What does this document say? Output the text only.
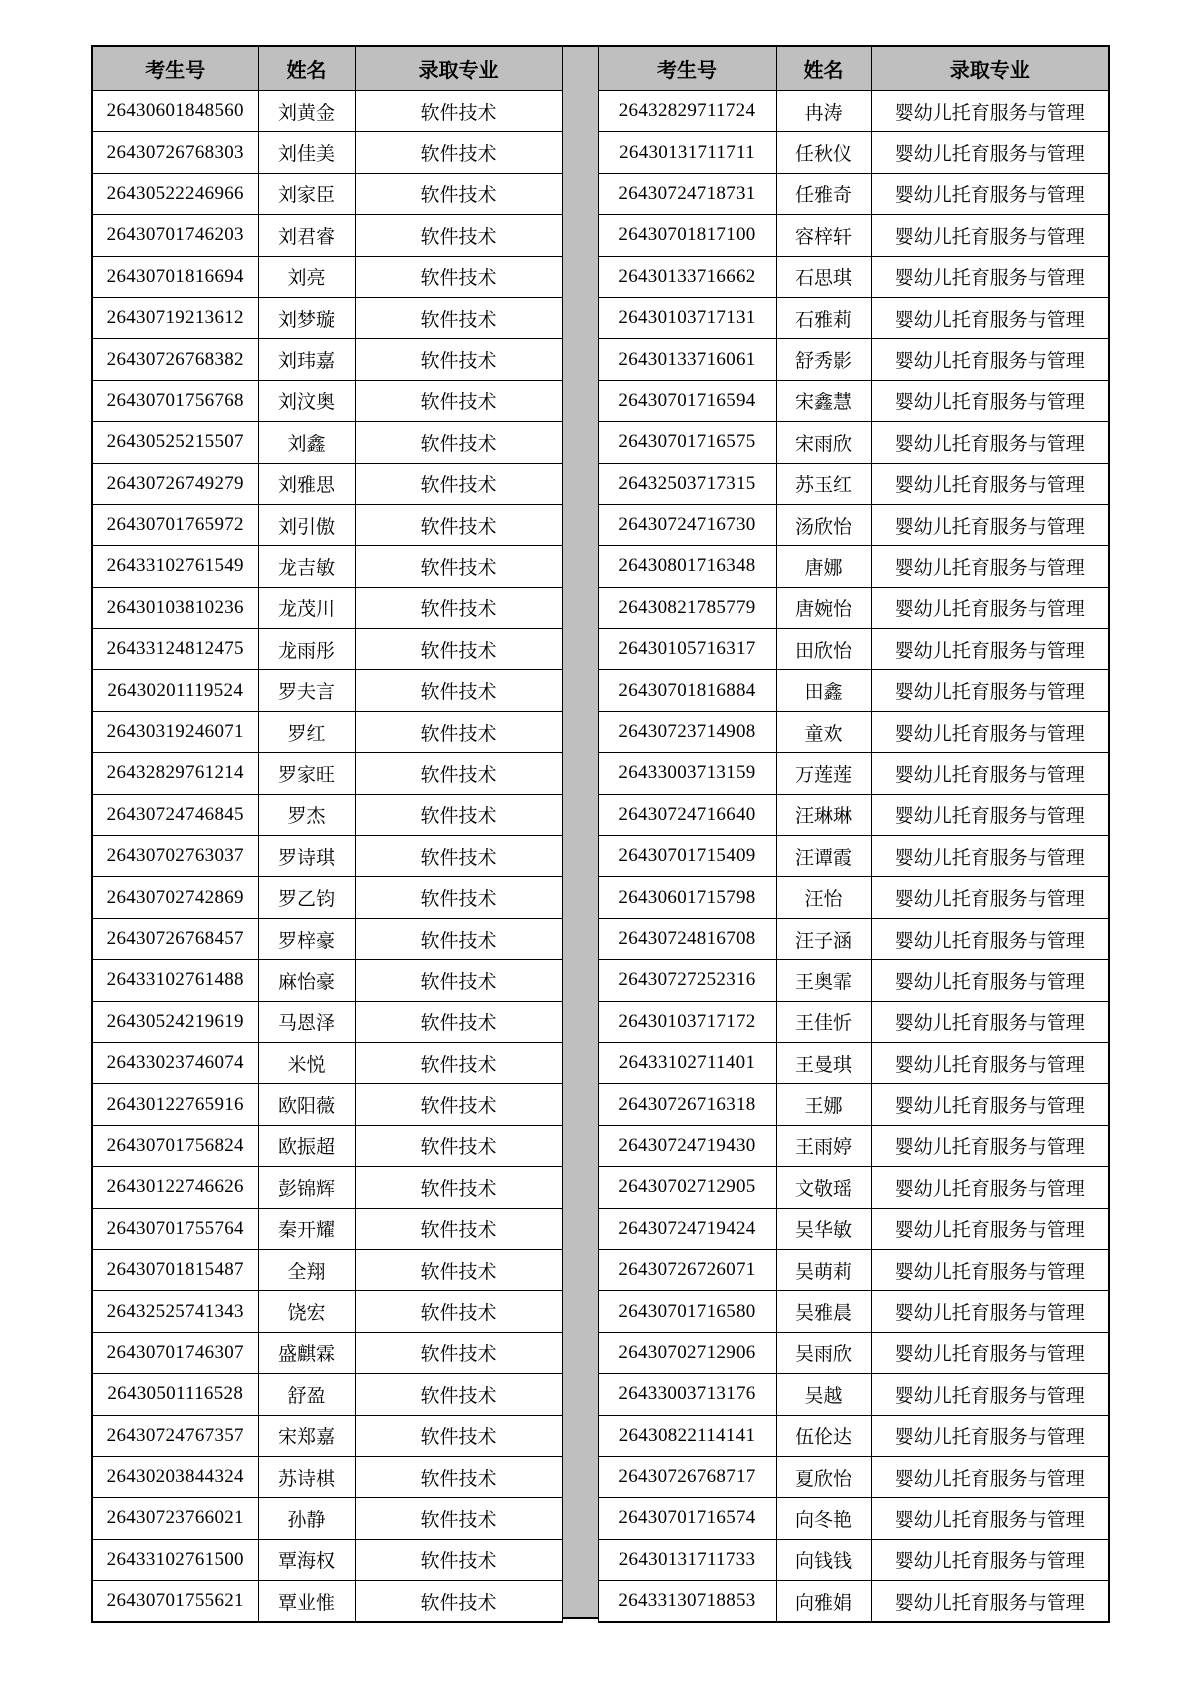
考生号	姓名	录取专业
26430601848560	刘黄金	软件技术
26430726768303	刘佳美	软件技术
26430522246966	刘家臣	软件技术
26430701746203	刘君睿	软件技术
26430701816694	刘亮	软件技术
26430719213612	刘梦璇	软件技术
26430726768382	刘玮嘉	软件技术
26430701756768	刘汶奥	软件技术
26430525215507	刘鑫	软件技术
26430726749279	刘雅思	软件技术
26430701765972	刘引傲	软件技术
26433102761549	龙吉敏	软件技术
26430103810236	龙茂川	软件技术
26433124812475	龙雨彤	软件技术
26430201119524	罗夫言	软件技术
26430319246071	罗红	软件技术
26432829761214	罗家旺	软件技术
26430724746845	罗杰	软件技术
26430702763037	罗诗琪	软件技术
26430702742869	罗乙钧	软件技术
26430726768457	罗梓豪	软件技术
26433102761488	麻怡豪	软件技术
26430524219619	马恩泽	软件技术
26433023746074	米悦	软件技术
26430122765916	欧阳薇	软件技术
26430701756824	欧振超	软件技术
26430122746626	彭锦辉	软件技术
26430701755764	秦开耀	软件技术
26430701815487	全翔	软件技术
26432525741343	饶宏	软件技术
26430701746307	盛麒霖	软件技术
26430501116528	舒盈	软件技术
26430724767357	宋郑嘉	软件技术
26430203844324	苏诗棋	软件技术
26430723766021	孙静	软件技术
26433102761500	覃海权	软件技术
26430701755621	覃业惟	软件技术
考生号	姓名	录取专业
26432829711724	冉涛	婴幼儿托育服务与管理
26430131711711	任秋仪	婴幼儿托育服务与管理
26430724718731	任雅奇	婴幼儿托育服务与管理
26430701817100	容梓轩	婴幼儿托育服务与管理
26430133716662	石思琪	婴幼儿托育服务与管理
26430103717131	石雅莉	婴幼儿托育服务与管理
26430133716061	舒秀影	婴幼儿托育服务与管理
26430701716594	宋鑫慧	婴幼儿托育服务与管理
26430701716575	宋雨欣	婴幼儿托育服务与管理
26432503717315	苏玉红	婴幼儿托育服务与管理
26430724716730	汤欣怡	婴幼儿托育服务与管理
26430801716348	唐娜	婴幼儿托育服务与管理
26430821785779	唐婉怡	婴幼儿托育服务与管理
26430105716317	田欣怡	婴幼儿托育服务与管理
26430701816884	田鑫	婴幼儿托育服务与管理
26430723714908	童欢	婴幼儿托育服务与管理
26433003713159	万莲莲	婴幼儿托育服务与管理
26430724716640	汪琳琳	婴幼儿托育服务与管理
26430701715409	汪谭霞	婴幼儿托育服务与管理
26430601715798	汪怡	婴幼儿托育服务与管理
26430724816708	汪子涵	婴幼儿托育服务与管理
26430727252316	王奥霏	婴幼儿托育服务与管理
26430103717172	王佳忻	婴幼儿托育服务与管理
26433102711401	王曼琪	婴幼儿托育服务与管理
26430726716318	王娜	婴幼儿托育服务与管理
26430724719430	王雨婷	婴幼儿托育服务与管理
26430702712905	文敬瑶	婴幼儿托育服务与管理
26430724719424	吴华敏	婴幼儿托育服务与管理
26430726726071	吴萌莉	婴幼儿托育服务与管理
26430701716580	吴雅晨	婴幼儿托育服务与管理
26430702712906	吴雨欣	婴幼儿托育服务与管理
26433003713176	吴越	婴幼儿托育服务与管理
26430822114141	伍伦达	婴幼儿托育服务与管理
26430726768717	夏欣怡	婴幼儿托育服务与管理
26430701716574	向冬艳	婴幼儿托育服务与管理
26430131711733	向钱钱	婴幼儿托育服务与管理
26433130718853	向雅娟	婴幼儿托育服务与管理
